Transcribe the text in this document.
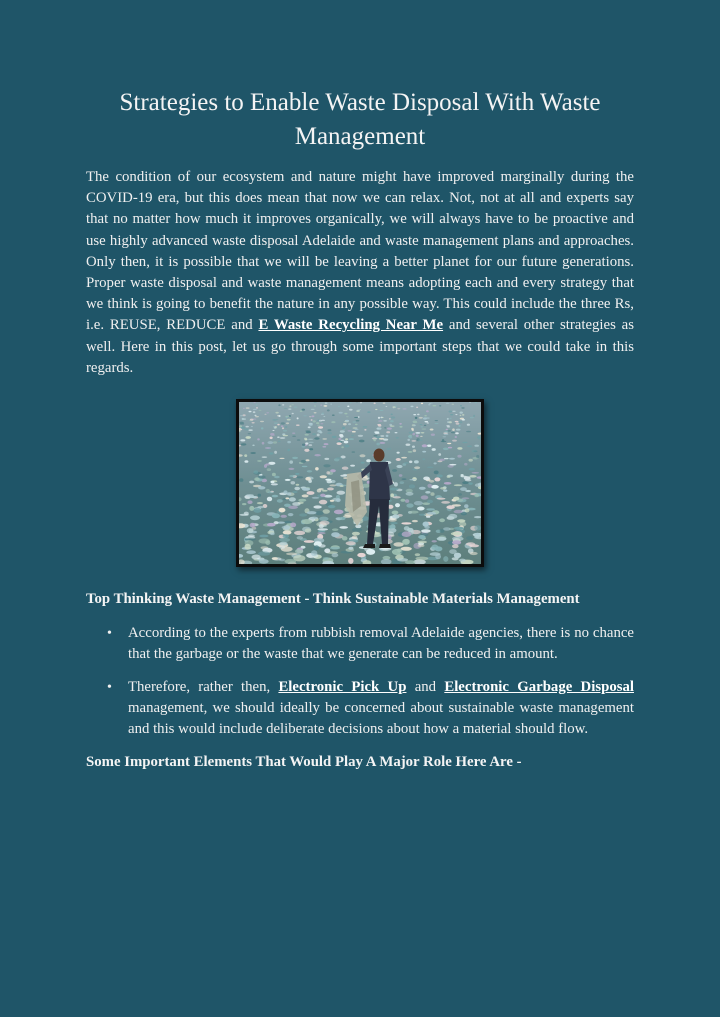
Strategies to Enable Waste Disposal With Waste Management

The condition of our ecosystem and nature might have improved marginally during the COVID-19 era, but this does mean that now we can relax. Not, not at all and experts say that no matter how much it improves organically, we will always have to be proactive and use highly advanced waste disposal Adelaide and waste management plans and approaches. Only then, it is possible that we will be leaving a better planet for our future generations. Proper waste disposal and waste management means adopting each and every strategy that we think is going to benefit the nature in any possible way. This could include the three Rs, i.e. REUSE, REDUCE and E Waste Recycling Near Me and several other strategies as well. Here in this post, let us go through some important steps that we could take in this regards.

Top Thinking Waste Management - Think Sustainable Materials Management

• According to the experts from rubbish removal Adelaide agencies, there is no chance that the garbage or the waste that we generate can be reduced in amount.
• Therefore, rather then, Electronic Pick Up and Electronic Garbage Disposal management, we should ideally be concerned about sustainable waste management and this would include deliberate decisions about how a material should flow.

Some Important Elements That Would Play A Major Role Here Are -
